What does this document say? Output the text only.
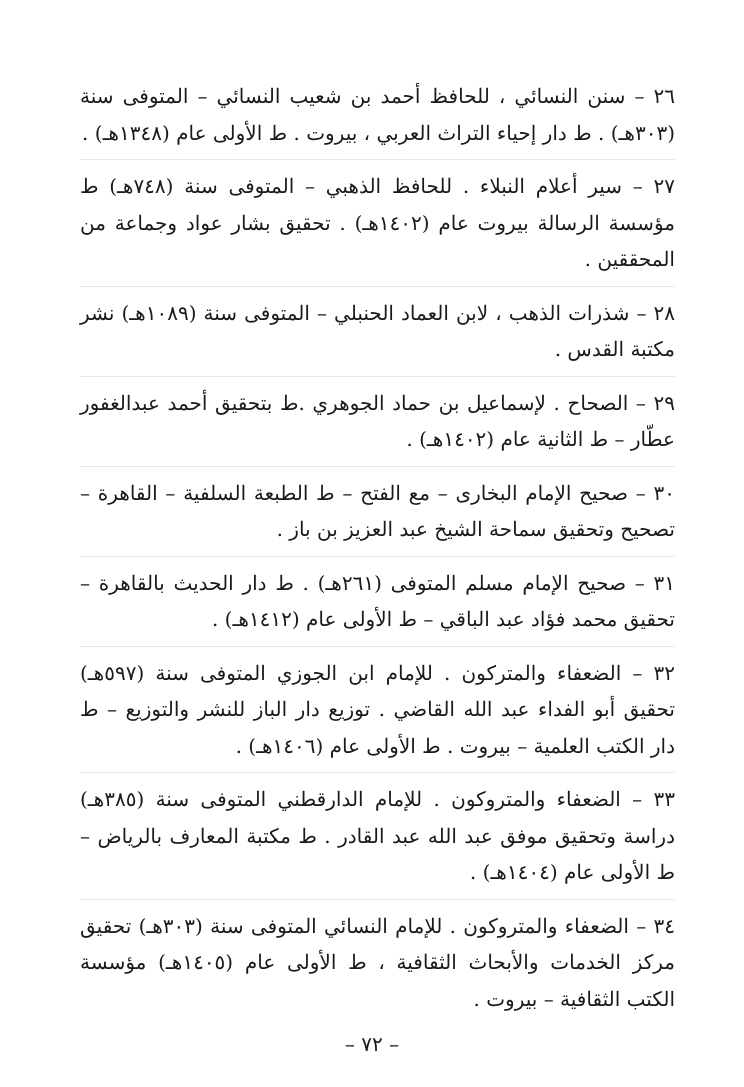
٢٦ – سنن النسائي ، للحافظ أحمد بن شعيب النسائي – المتوفى سنة (٣٠٣هـ) . ط دار إحياء التراث العربي ، بيروت . ط الأولى عام (١٣٤٨هـ) .

٢٧ – سير أعلام النبلاء . للحافظ الذهبي – المتوفى سنة (٧٤٨هـ) ط مؤسسة الرسالة بيروت عام (١٤٠٢هـ) . تحقيق بشار عواد وجماعة من المحققين .

٢٨ – شذرات الذهب ، لابن العماد الحنبلي – المتوفى سنة (١٠٨٩هـ) نشر مكتبة القدس .

٢٩ – الصحاح . لإسماعيل بن حماد الجوهري .ط بتحقيق أحمد عبدالغفور عطّار – ط الثانية عام (١٤٠٢هـ) .

٣٠ – صحيح الإمام البخارى – مع الفتح – ط الطبعة السلفية – القاهرة – تصحيح وتحقيق سماحة الشيخ عبد العزيز بن باز .

٣١ – صحيح الإمام مسلم المتوفى (٢٦١هـ) . ط دار الحديث بالقاهرة – تحقيق محمد فؤاد عبد الباقي – ط الأولى عام (١٤١٢هـ) .

٣٢ – الضعفاء والمتركون . للإمام ابن الجوزي المتوفى سنة (٥٩٧هـ) تحقيق أبو الفداء عبد الله القاضي . توزيع دار الباز للنشر والتوزيع – ط دار الكتب العلمية – بيروت . ط الأولى عام (١٤٠٦هـ) .

٣٣ – الضعفاء والمتروكون . للإمام الدارقطني المتوفى سنة (٣٨٥هـ) دراسة وتحقيق موفق عبد الله عبد القادر . ط مكتبة المعارف بالرياض – ط الأولى عام (١٤٠٤هـ) .

٣٤ – الضعفاء والمتروكون . للإمام النسائي المتوفى سنة (٣٠٣هـ) تحقيق مركز الخدمات والأبحاث الثقافية ، ط الأولى عام (١٤٠٥هـ) مؤسسة الكتب الثقافية – بيروت .

– ٧٢ –
